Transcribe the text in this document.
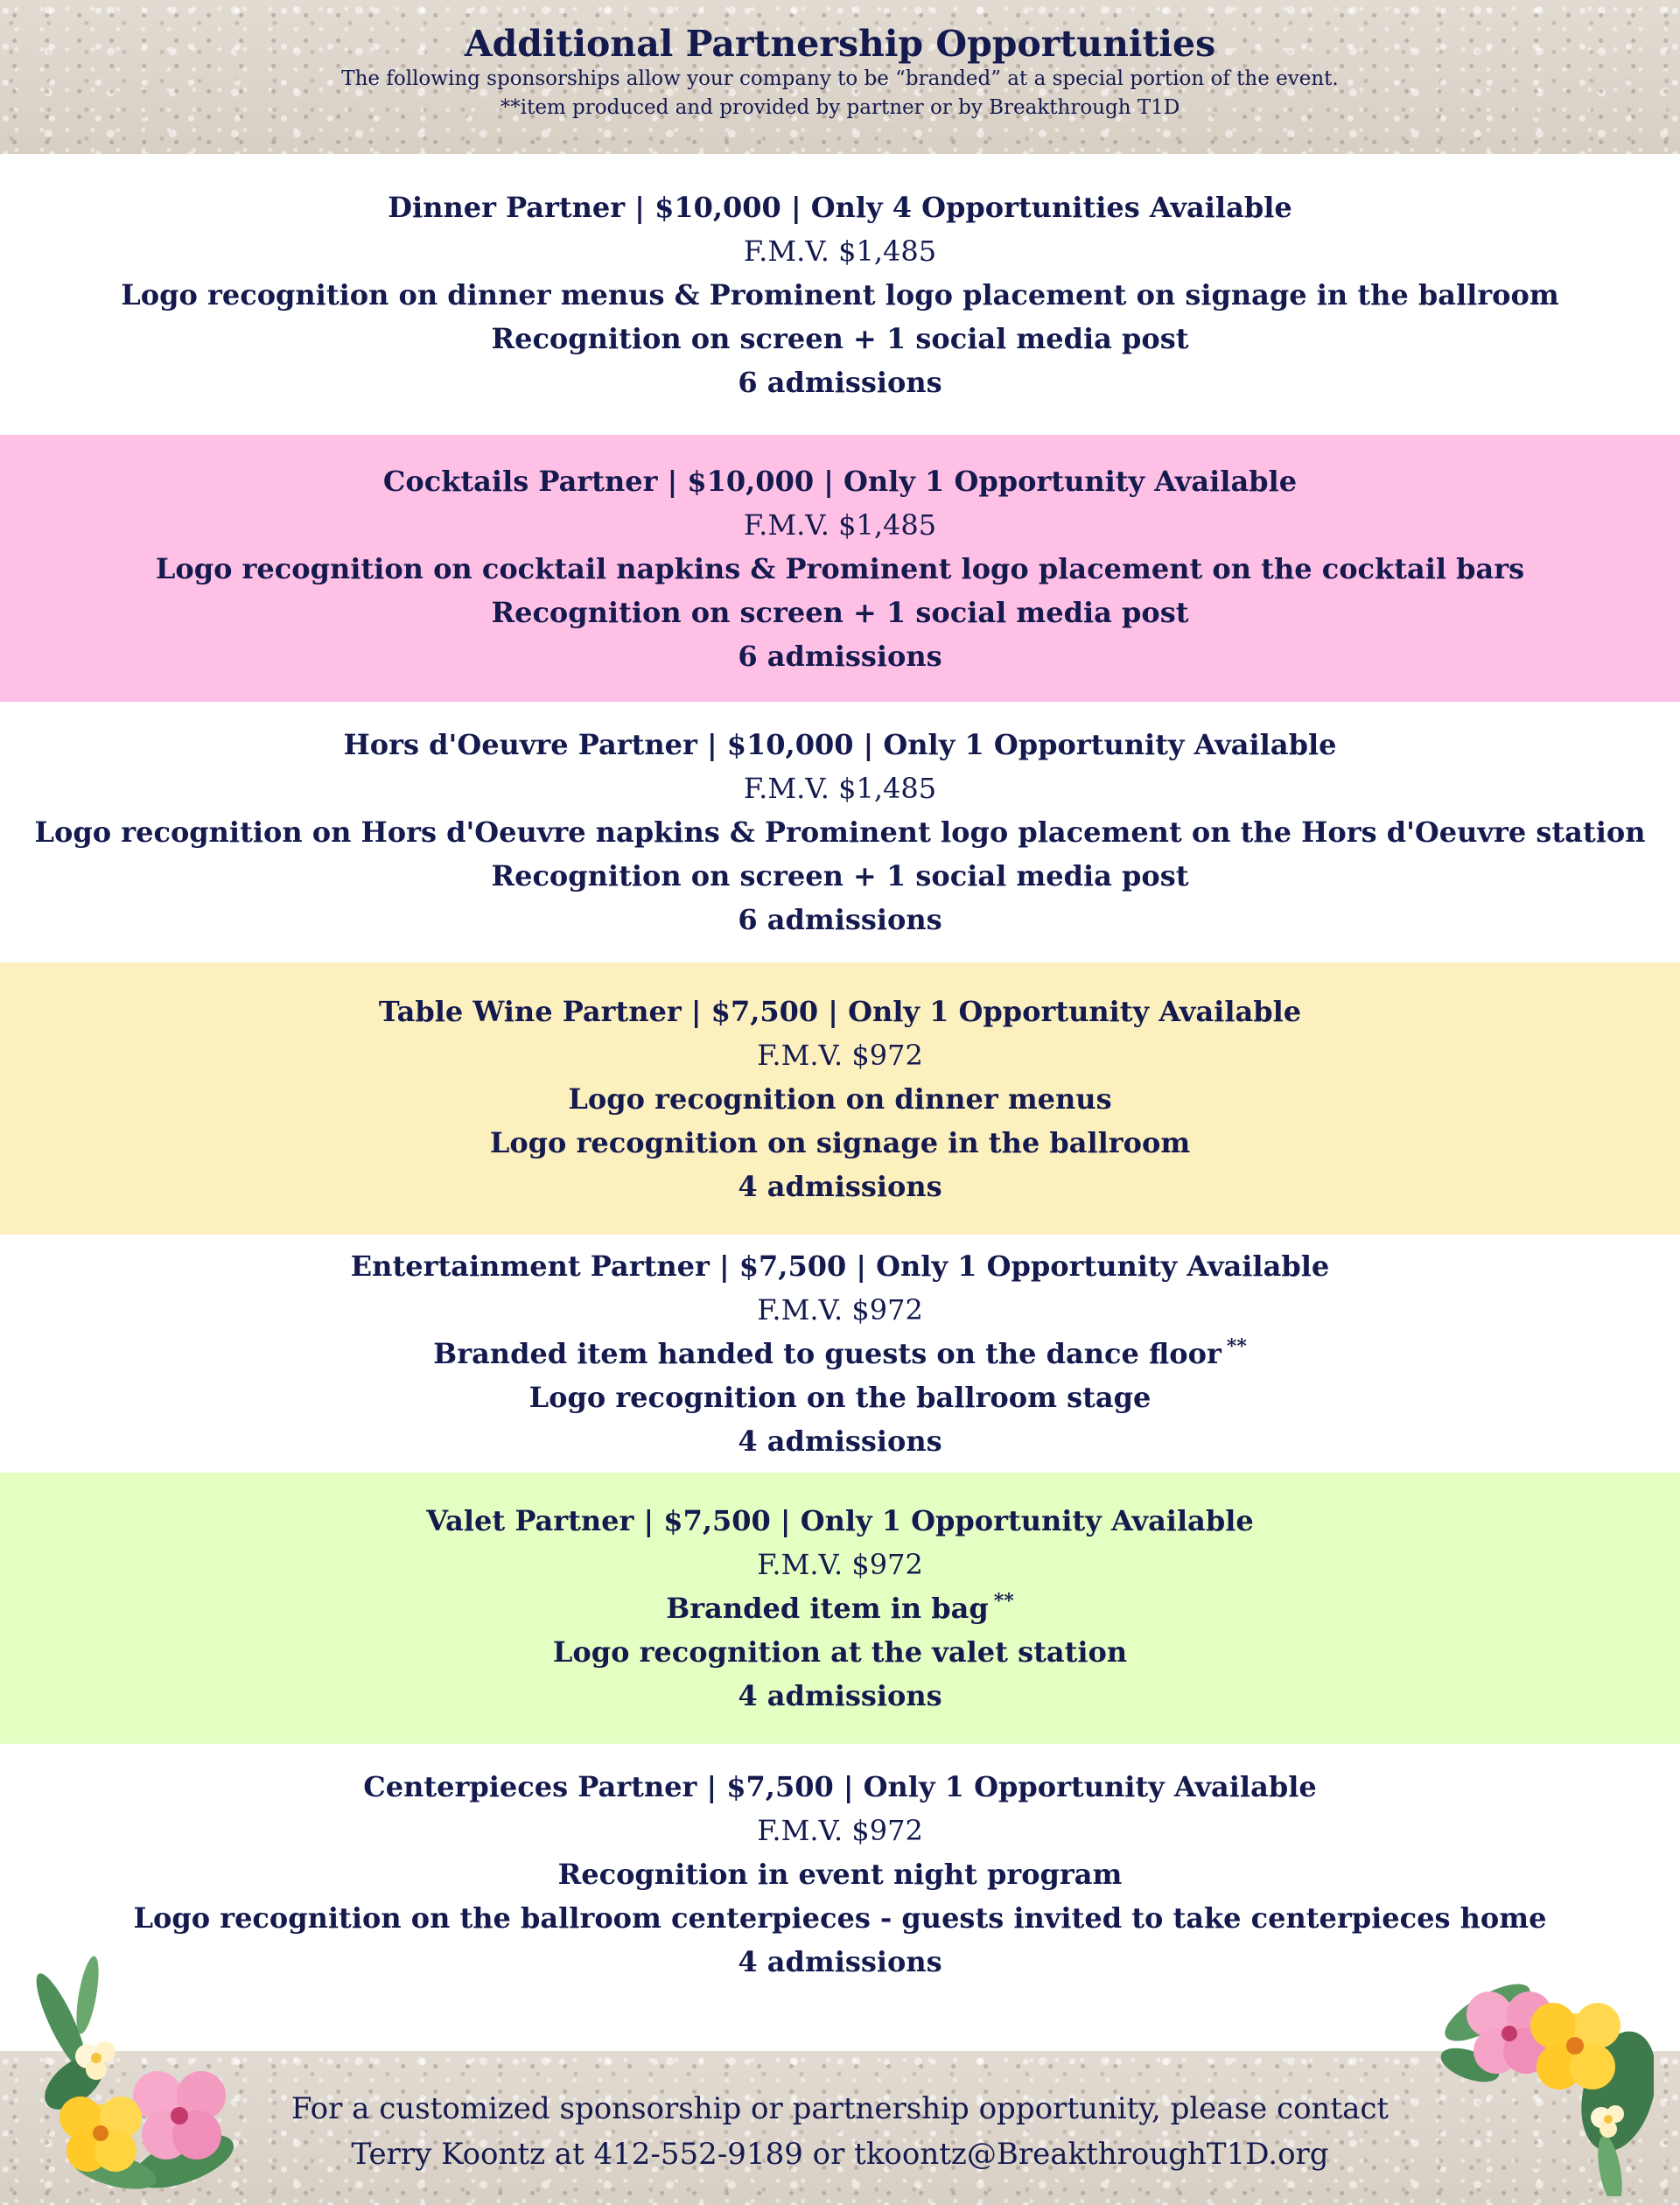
Additional Partnership Opportunities

The following sponsorships allow your company to be “branded” at a special portion of the event.

**item produced and provided by partner or by Breakthrough T1D

Dinner Partner | $10,000 | Only 4 Opportunities Available
F.M.V. $1,485
Logo recognition on dinner menus & Prominent logo placement on signage in the ballroom
Recognition on screen + 1 social media post
6 admissions
Cocktails Partner | $10,000 | Only 1 Opportunity Available
F.M.V. $1,485
Logo recognition on cocktail napkins & Prominent logo placement on the cocktail bars
Recognition on screen + 1 social media post
6 admissions
Hors d'Oeuvre Partner | $10,000 | Only 1 Opportunity Available
F.M.V. $1,485
Logo recognition on Hors d'Oeuvre napkins & Prominent logo placement on the Hors d'Oeuvre station
Recognition on screen + 1 social media post
6 admissions
Table Wine Partner | $7,500 | Only 1 Opportunity Available
F.M.V. $972
Logo recognition on dinner menus
Logo recognition on signage in the ballroom
4 admissions
Entertainment Partner | $7,500 | Only 1 Opportunity Available
F.M.V. $972
Branded item handed to guests on the dance floor **
Logo recognition on the ballroom stage
4 admissions
Valet Partner | $7,500 | Only 1 Opportunity Available
F.M.V. $972
Branded item in bag **
Logo recognition at the valet station
4 admissions
Centerpieces Partner | $7,500 | Only 1 Opportunity Available
F.M.V. $972
Recognition in event night program
Logo recognition on the ballroom centerpieces - guests invited to take centerpieces home
4 admissions
For a customized sponsorship or partnership opportunity, please contact
Terry Koontz at 412-552-9189 or tkoontz@BreakthroughT1D.org
